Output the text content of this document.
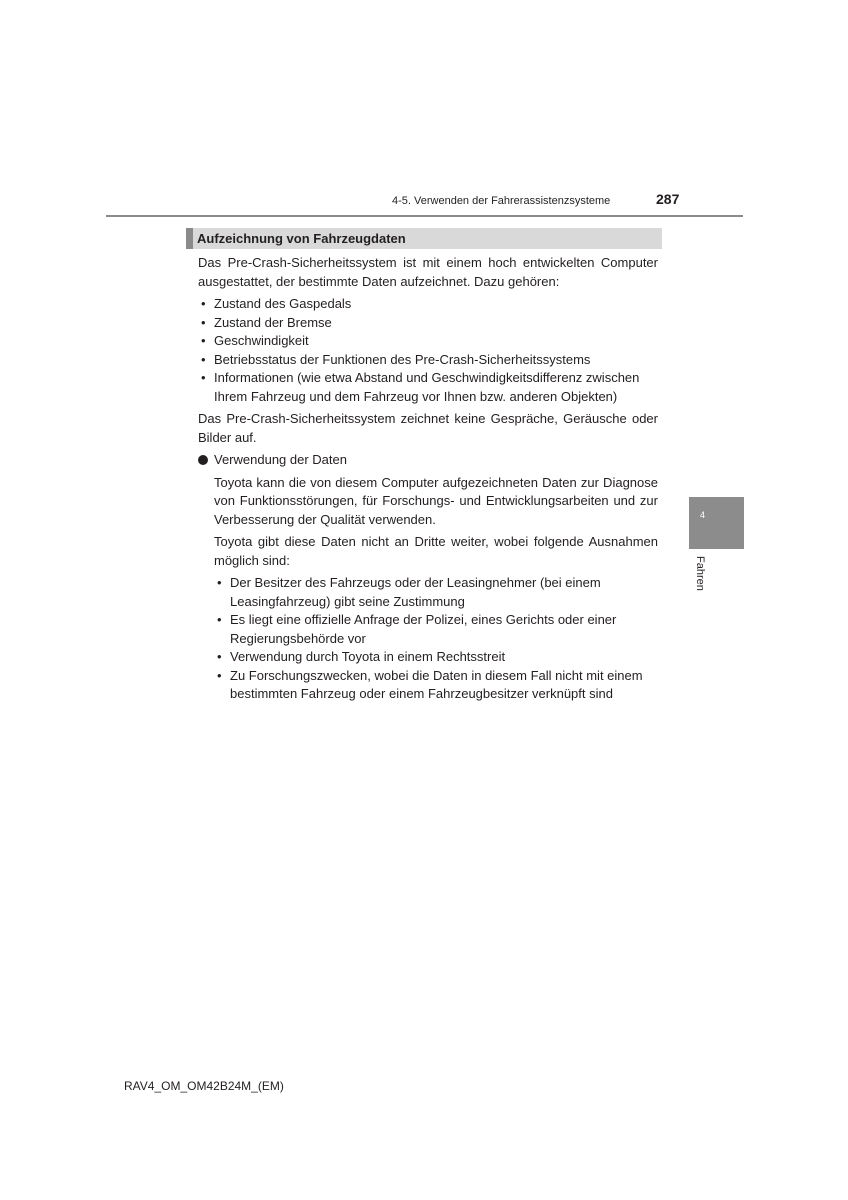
4-5. Verwenden der Fahrerassistenzsysteme	287
Aufzeichnung von Fahrzeugdaten

Das Pre-Crash-Sicherheitssystem ist mit einem hoch entwickelten Computer ausgestattet, der bestimmte Daten aufzeichnet. Dazu gehören:

• Zustand des Gaspedals
• Zustand der Bremse
• Geschwindigkeit
• Betriebsstatus der Funktionen des Pre-Crash-Sicherheitssystems
• Informationen (wie etwa Abstand und Geschwindigkeitsdifferenz zwischen Ihrem Fahrzeug und dem Fahrzeug vor Ihnen bzw. anderen Objekten)

Das Pre-Crash-Sicherheitssystem zeichnet keine Gespräche, Geräusche oder Bilder auf.

Verwendung der Daten

Toyota kann die von diesem Computer aufgezeichneten Daten zur Diagnose von Funktionsstörungen, für Forschungs- und Entwicklungsarbeiten und zur Verbesserung der Qualität verwenden.

Toyota gibt diese Daten nicht an Dritte weiter, wobei folgende Ausnahmen möglich sind:

• Der Besitzer des Fahrzeugs oder der Leasingnehmer (bei einem Leasingfahrzeug) gibt seine Zustimmung
• Es liegt eine offizielle Anfrage der Polizei, eines Gerichts oder einer Regierungsbehörde vor
• Verwendung durch Toyota in einem Rechtsstreit
• Zu Forschungszwecken, wobei die Daten in diesem Fall nicht mit einem bestimmten Fahrzeug oder einem Fahrzeugbesitzer verknüpft sind
4
Fahren
RAV4_OM_OM42B24M_(EM)
